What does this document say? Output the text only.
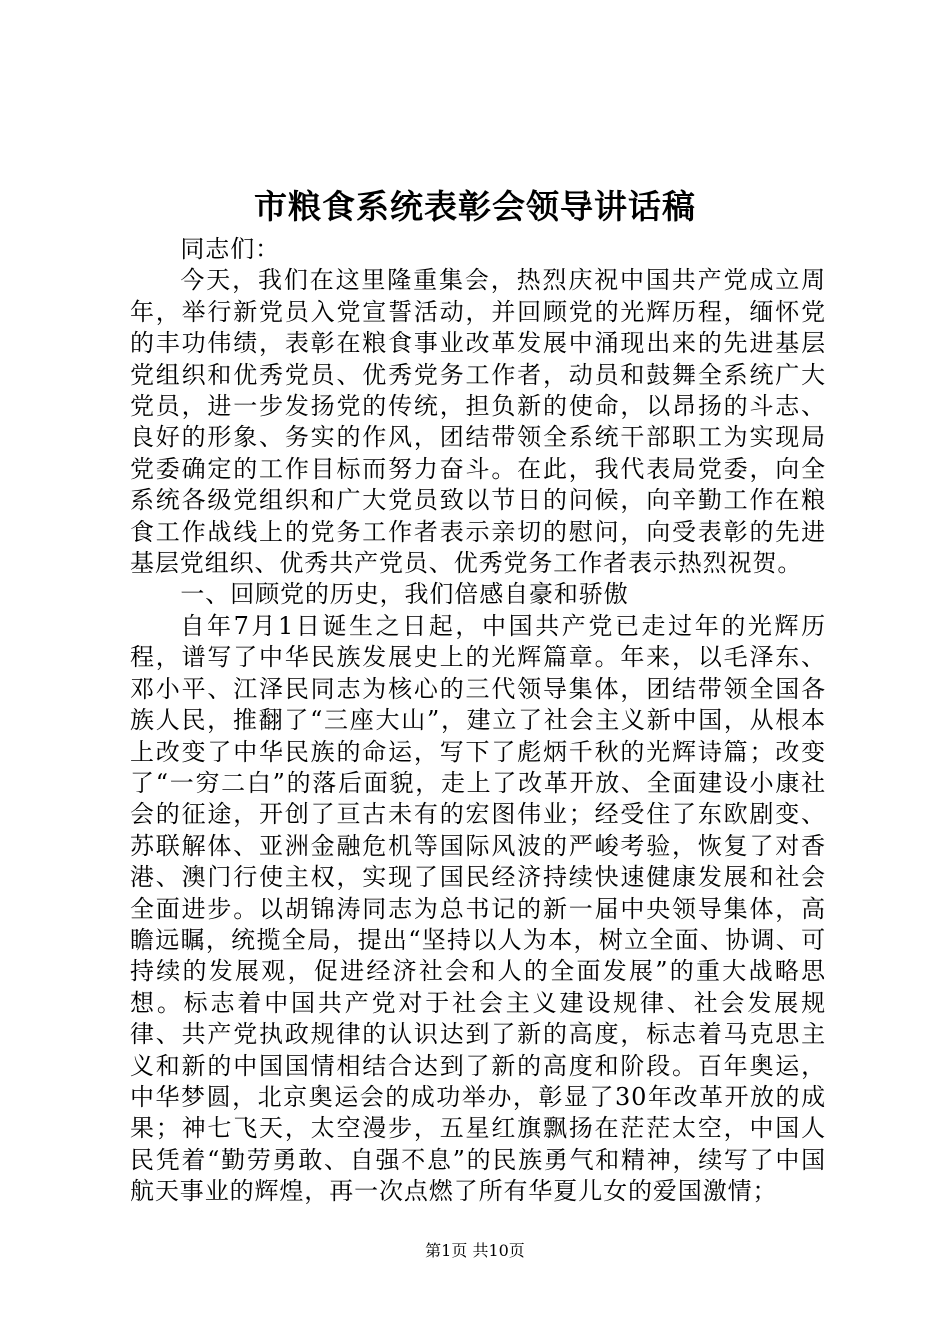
市粮食系统表彰会领导讲话稿

同志们：

今天，我们在这里隆重集会，热烈庆祝中国共产党成立周年，举行新党员入党宣誓活动，并回顾党的光辉历程，缅怀党的丰功伟绩，表彰在粮食事业改革发展中涌现出来的先进基层党组织和优秀党员、优秀党务工作者，动员和鼓舞全系统广大党员，进一步发扬党的传统，担负新的使命，以昂扬的斗志、良好的形象、务实的作风，团结带领全系统干部职工为实现局党委确定的工作目标而努力奋斗。在此，我代表局党委，向全系统各级党组织和广大党员致以节日的问候，向辛勤工作在粮食工作战线上的党务工作者表示亲切的慰问，向受表彰的先进基层党组织、优秀共产党员、优秀党务工作者表示热烈祝贺。

一、回顾党的历史，我们倍感自豪和骄傲

自年7月1日诞生之日起，中国共产党已走过年的光辉历程，谱写了中华民族发展史上的光辉篇章。年来，以毛泽东、邓小平、江泽民同志为核心的三代领导集体，团结带领全国各族人民，推翻了“三座大山”，建立了社会主义新中国，从根本上改变了中华民族的命运，写下了彪炳千秋的光辉诗篇；改变了“一穷二白”的落后面貌，走上了改革开放、全面建设小康社会的征途，开创了亘古未有的宏图伟业；经受住了东欧剧变、苏联解体、亚洲金融危机等国际风波的严峻考验，恢复了对香港、澳门行使主权，实现了国民经济持续快速健康发展和社会全面进步。以胡锦涛同志为总书记的新一届中央领导集体，高瞻远瞩，统揽全局，提出“坚持以人为本，树立全面、协调、可持续的发展观，促进经济社会和人的全面发展”的重大战略思想。标志着中国共产党对于社会主义建设规律、社会发展规律、共产党执政规律的认识达到了新的高度，标志着马克思主义和新的中国国情相结合达到了新的高度和阶段。百年奥运，中华梦圆，北京奥运会的成功举办，彰显了30年改革开放的成果；神七飞天，太空漫步，五星红旗飘扬在茫茫太空，中国人民凭着“勤劳勇敢、自强不息”的民族勇气和精神，续写了中国航天事业的辉煌，再一次点燃了所有华夏儿女的爱国激情；

第1页 共10页
